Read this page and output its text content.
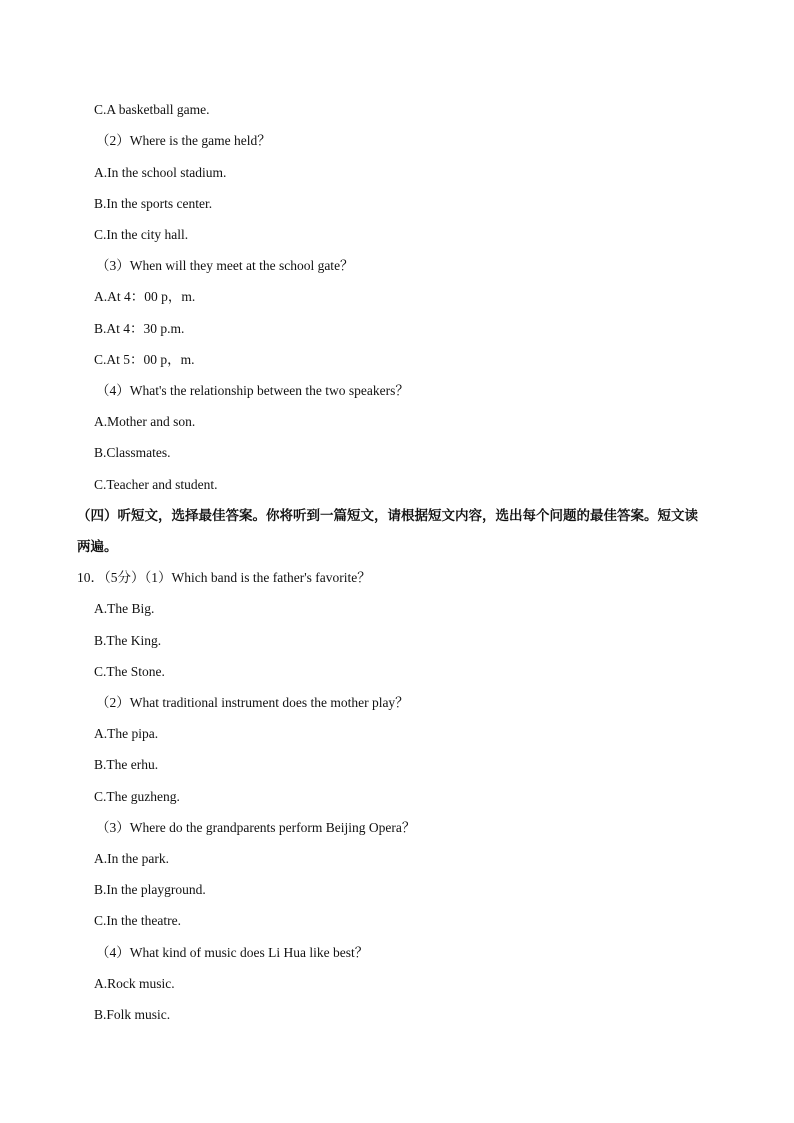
C.A basketball game.
（2）Where is the game held？
A.In the school stadium.
B.In the sports center.
C.In the city hall.
（3）When will they meet at the school gate？
A.At 4：00 p，m.
B.At 4：30 p.m.
C.At 5：00 p，m.
（4）What's the relationship between the two speakers？
A.Mother and son.
B.Classmates.
C.Teacher and student.
（四）听短文，选择最佳答案。你将听到一篇短文，请根据短文内容，选出每个问题的最佳答案。短文读
两遍。
10．（5分）（1）Which band is the father's favorite？
A.The Big.
B.The King.
C.The Stone.
（2）What traditional instrument does the mother play？
A.The pipa.
B.The erhu.
C.The guzheng.
（3）Where do the grandparents perform Beijing Opera？
A.In the park.
B.In the playground.
C.In the theatre.
（4）What kind of music does Li Hua like best？
A.Rock music.
B.Folk music.
